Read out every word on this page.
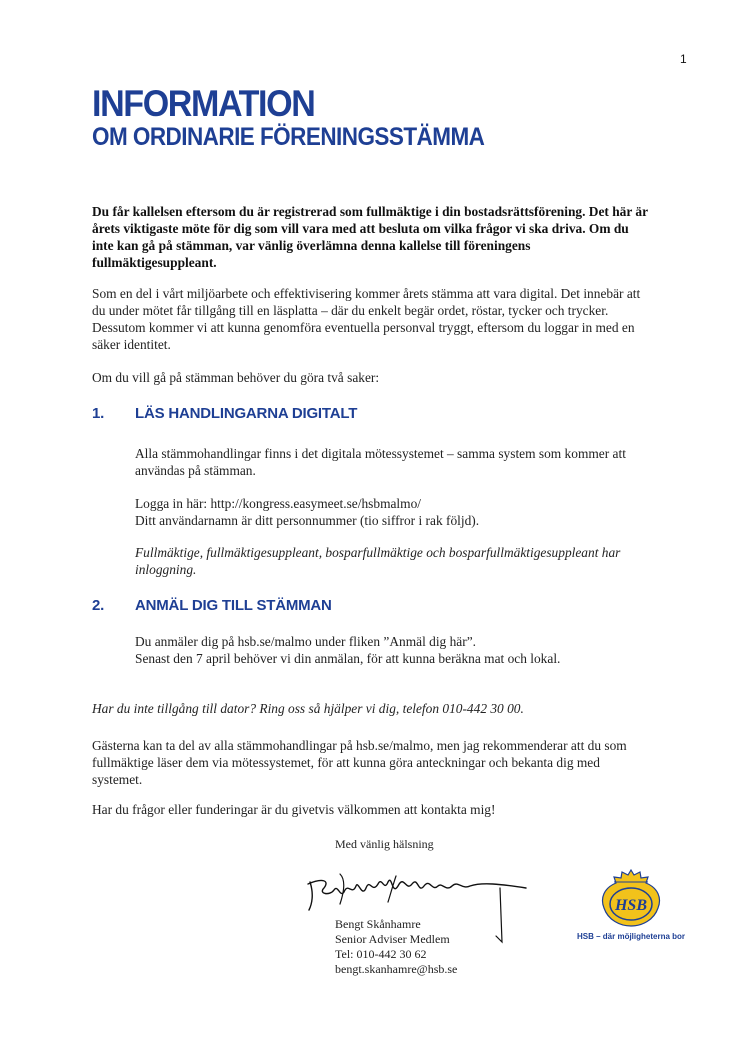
1
INFORMATION
OM ORDINARIE FÖRENINGSSTÄMMA
Du får kallelsen eftersom du är registrerad som fullmäktige i din bostadsrättsförening. Det här är årets viktigaste möte för dig som vill vara med att besluta om vilka frågor vi ska driva. Om du inte kan gå på stämman, var vänlig överlämna denna kallelse till föreningens fullmäktigesuppleant.
Som en del i vårt miljöarbete och effektivisering kommer årets stämma att vara digital. Det innebär att du under mötet får tillgång till en läsplatta – där du enkelt begär ordet, röstar, tycker och trycker. Dessutom kommer vi att kunna genomföra eventuella personval tryggt, eftersom du loggar in med en säker identitet.
Om du vill gå på stämman behöver du göra två saker:
1.	LÄS HANDLINGARNA DIGITALT
Alla stämmohandlingar finns i det digitala mötessystemet – samma system som kommer att användas på stämman.
Logga in här: http://kongress.easymeet.se/hsbmalmo/
Ditt användarnamn är ditt personnummer (tio siffror i rak följd).
Fullmäktige, fullmäktigesuppleant, bosparfullmäktige och bosparfullmäktigesuppleant har inloggning.
2.	ANMÄL DIG TILL STÄMMAN
Du anmäler dig på hsb.se/malmo under fliken ”Anmäl dig här”.
Senast den 7 april behöver vi din anmälan, för att kunna beräkna mat och lokal.
Har du inte tillgång till dator? Ring oss så hjälper vi dig, telefon 010-442 30 00.
Gästerna kan ta del av alla stämmohandlingar på hsb.se/malmo, men jag rekommenderar att du som fullmäktige läser dem via mötessystemet, för att kunna göra anteckningar och bekanta dig med systemet.
Har du frågor eller funderingar är du givetvis välkommen att kontakta mig!
Med vänlig hälsning
Bengt Skånhamre
Senior Adviser Medlem
Tel: 010-442 30 62
bengt.skanhamre@hsb.se
HSB
HSB – där möjligheterna bor
